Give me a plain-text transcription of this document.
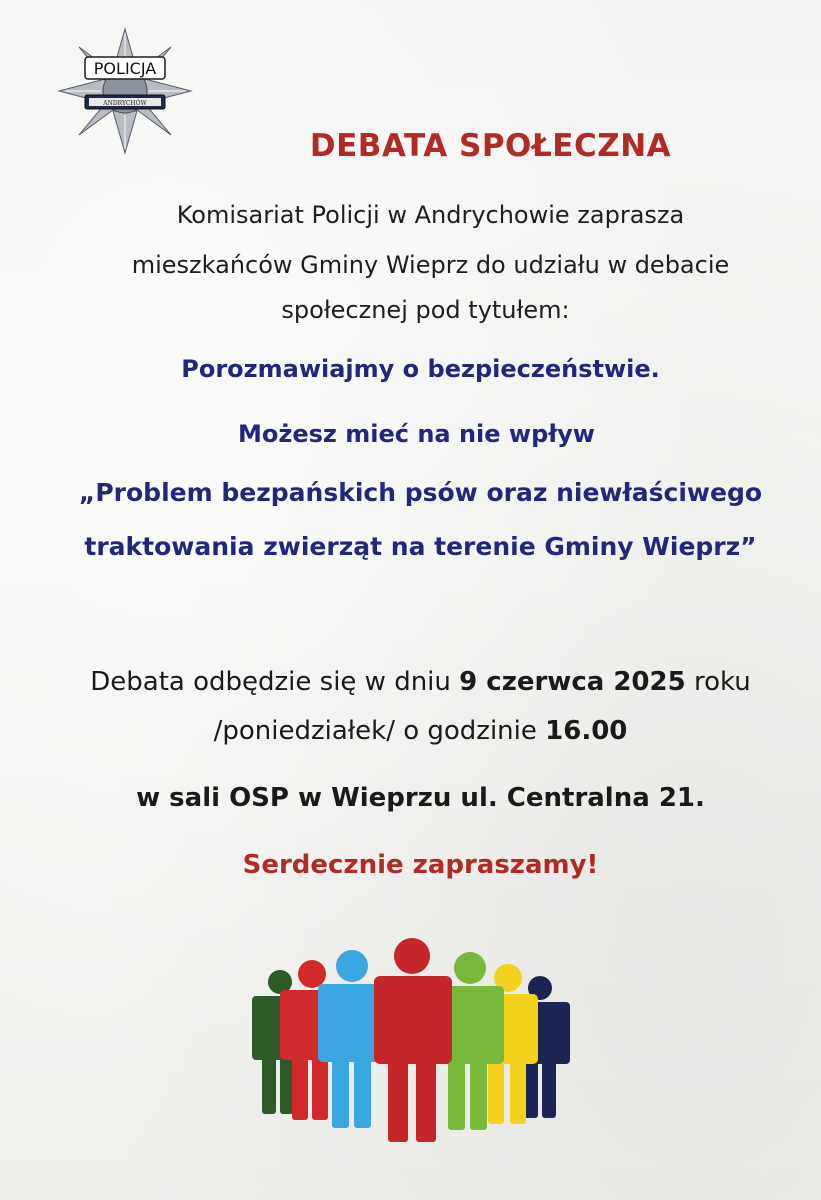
POLICJA
ANDRYCHÓW
DEBATA SPOŁECZNA
Komisariat Policji w Andrychowie zaprasza
mieszkańców Gminy Wieprz do udziału w debacie
społecznej pod tytułem:
Porozmawiajmy o bezpieczeństwie.
Możesz mieć na nie wpływ
„Problem bezpańskich psów oraz niewłaściwego
traktowania zwierząt na terenie Gminy Wieprz”
Debata odbędzie się w dniu 9 czerwca 2025 roku
/poniedziałek/ o godzinie 16.00
w sali OSP w Wieprzu ul. Centralna 21.
Serdecznie zapraszamy!
